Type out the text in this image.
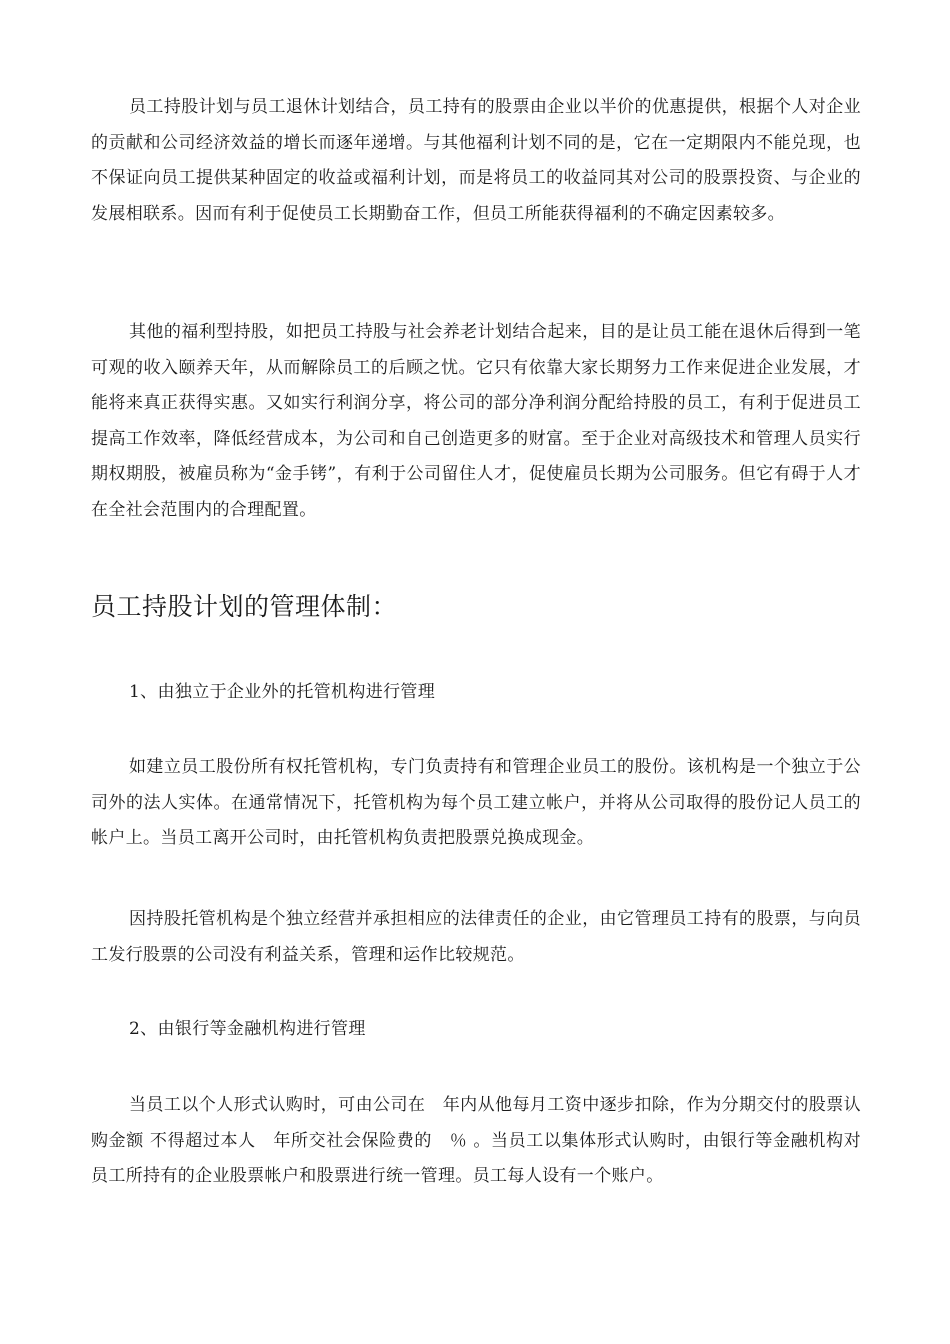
员工持股计划与员工退休计划结合，员工持有的股票由企业以半价的优惠提供，根据个人对企业的贡献和公司经济效益的增长而逐年递增。与其他福利计划不同的是，它在一定期限内不能兑现，也不保证向员工提供某种固定的收益或福利计划，而是将员工的收益同其对公司的股票投资、与企业的发展相联系。因而有利于促使员工长期勤奋工作，但员工所能获得福利的不确定因素较多。

其他的福利型持股，如把员工持股与社会养老计划结合起来，目的是让员工能在退休后得到一笔可观的收入颐养天年，从而解除员工的后顾之忧。它只有依靠大家长期努力工作来促进企业发展，才能将来真正获得实惠。又如实行利润分享，将公司的部分净利润分配给持股的员工，有利于促进员工提高工作效率，降低经营成本，为公司和自己创造更多的财富。至于企业对高级技术和管理人员实行期权期股，被雇员称为“金手铐”，有利于公司留住人才，促使雇员长期为公司服务。但它有碍于人才在全社会范围内的合理配置。

员工持股计划的管理体制：

1、由独立于企业外的托管机构进行管理

如建立员工股份所有权托管机构，专门负责持有和管理企业员工的股份。该机构是一个独立于公司外的法人实体。在通常情况下，托管机构为每个员工建立帐户，并将从公司取得的股份记人员工的帐户上。当员工离开公司时，由托管机构负责把股票兑换成现金。

因持股托管机构是个独立经营并承担相应的法律责任的企业，由它管理员工持有的股票，与向员工发行股票的公司没有利益关系，管理和运作比较规范。

2、由银行等金融机构进行管理

当员工以个人形式认购时，可由公司在　年内从他每月工资中逐步扣除，作为分期交付的股票认购金额 不得超过本人　年所交社会保险费的　％ 。当员工以集体形式认购时，由银行等金融机构对员工所持有的企业股票帐户和股票进行统一管理。员工每人设有一个账户。
